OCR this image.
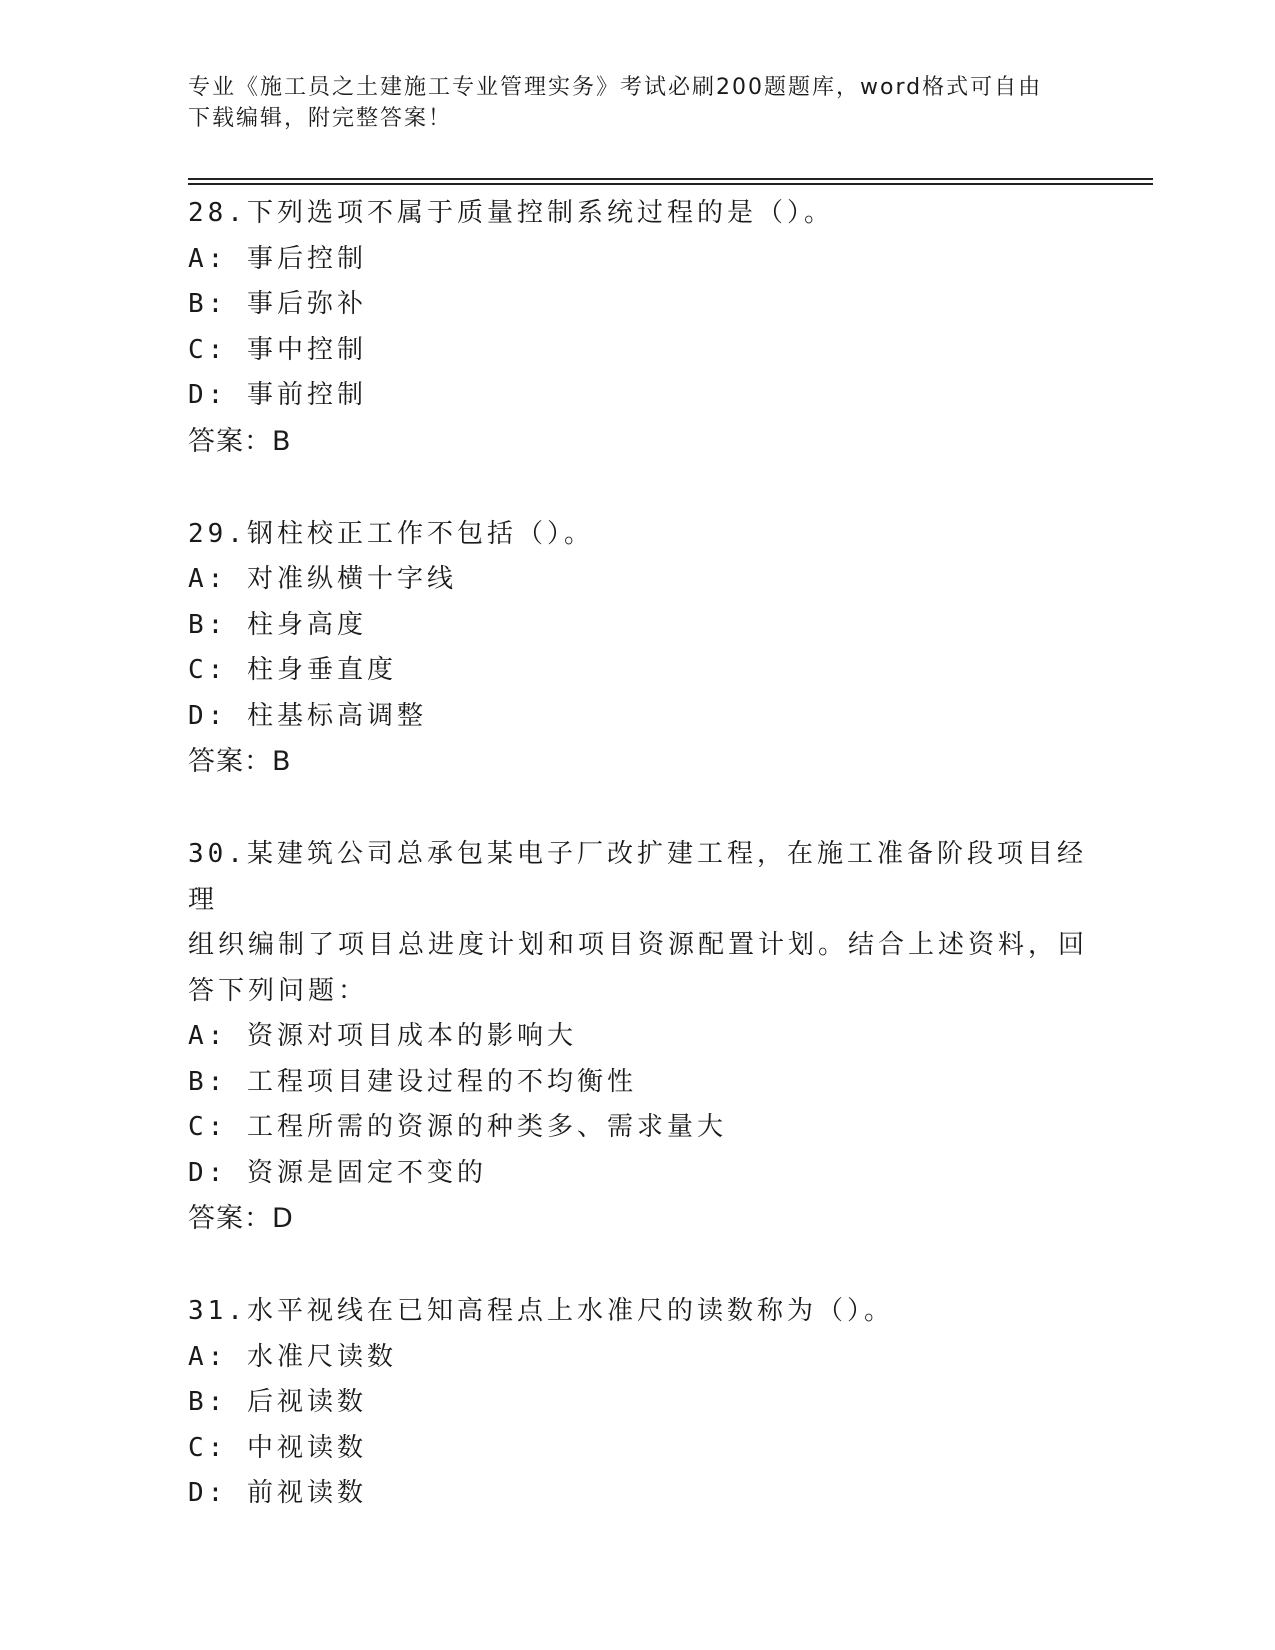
专业《施工员之土建施工专业管理实务》考试必刷200题题库，word格式可自由
下载编辑，附完整答案！
28.下列选项不属于质量控制系统过程的是（）。
A: 事后控制
B: 事后弥补
C: 事中控制
D: 事前控制
答案：B
29.钢柱校正工作不包括（）。
A: 对准纵横十字线
B: 柱身高度
C: 柱身垂直度
D: 柱基标高调整
答案：B
30.某建筑公司总承包某电子厂改扩建工程，在施工准备阶段项目经理
组织编制了项目总进度计划和项目资源配置计划。结合上述资料，回
答下列问题：
A: 资源对项目成本的影响大
B: 工程项目建设过程的不均衡性
C: 工程所需的资源的种类多、需求量大
D: 资源是固定不变的
答案：D
31.水平视线在已知高程点上水准尺的读数称为（）。
A: 水准尺读数
B: 后视读数
C: 中视读数
D: 前视读数
